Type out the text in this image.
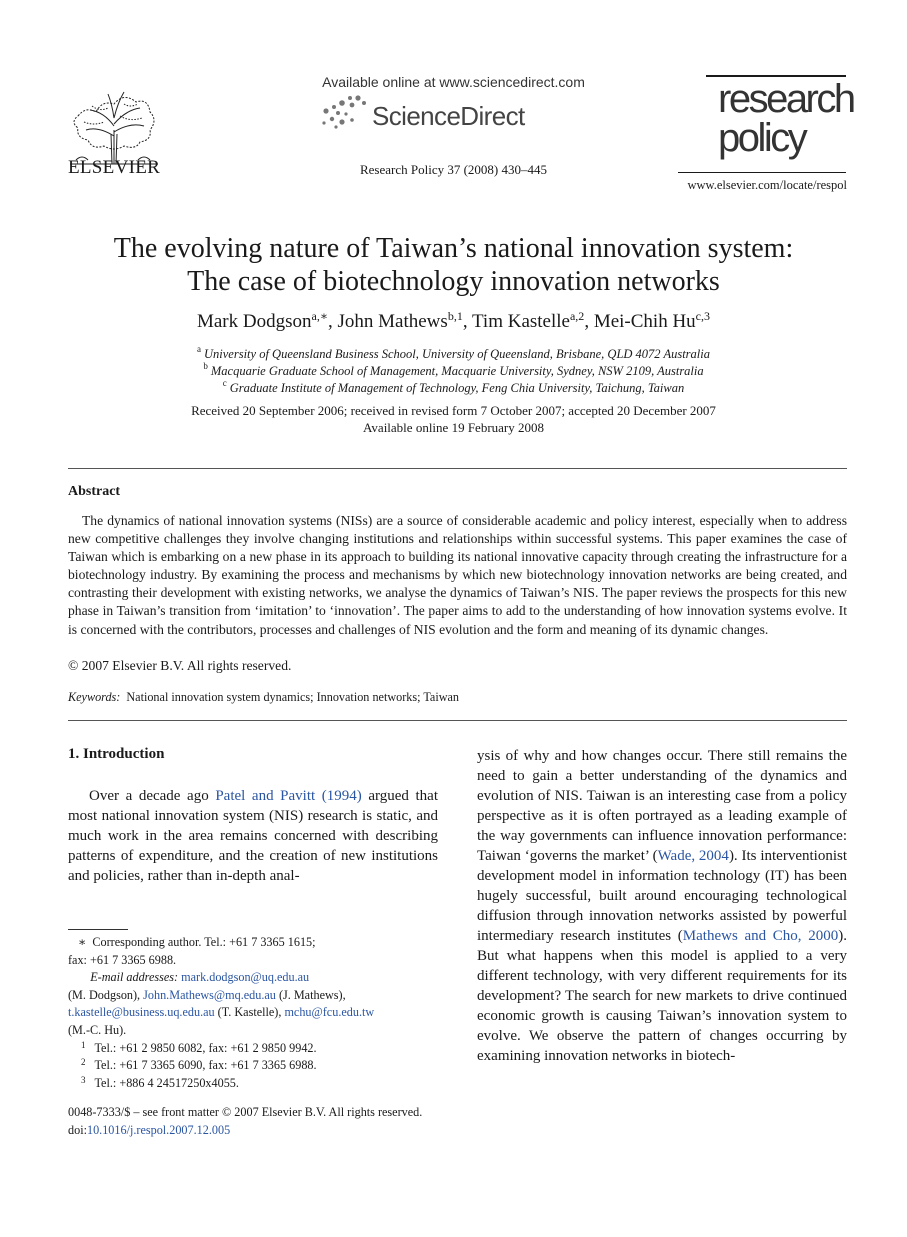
ELSEVIER
Available online at www.sciencedirect.com
ScienceDirect
Research Policy 37 (2008) 430–445
research
policy
www.elsevier.com/locate/respol
The evolving nature of Taiwan’s national innovation system:
The case of biotechnology innovation networks
Mark Dodgson$^{a,∗}$, John Mathews$^{b,1}$, Tim Kastelle$^{a,2}$, Mei-Chih Hu$^{c,3}$
$^a$ University of Queensland Business School, University of Queensland, Brisbane, QLD 4072 Australia
$^b$ Macquarie Graduate School of Management, Macquarie University, Sydney, NSW 2109, Australia
$^c$ Graduate Institute of Management of Technology, Feng Chia University, Taichung, Taiwan
Received 20 September 2006; received in revised form 7 October 2007; accepted 20 December 2007
Available online 19 February 2008
Abstract

The dynamics of national innovation systems (NISs) are a source of considerable academic and policy interest, especially when to address new competitive challenges they involve changing institutions and relationships within successful systems. This paper examines the case of Taiwan which is embarking on a new phase in its approach to building its national innovative capacity through creating the infrastructure for a biotechnology industry. By examining the process and mechanisms by which new biotechnology innovation networks are being created, and contrasting their development with existing networks, we analyse the dynamics of Taiwan’s NIS. The paper reviews the prospects for this new phase in Taiwan’s transition from ‘imitation’ to ‘innovation’. The paper aims to add to the understanding of how innovation systems evolve. It is concerned with the contributors, processes and challenges of NIS evolution and the form and meaning of its dynamic changes.

© 2007 Elsevier B.V. All rights reserved.
Keywords: National innovation system dynamics; Innovation networks; Taiwan
1. Introduction

Over a decade ago Patel and Pavitt (1994) argued that most national innovation system (NIS) research is static, and much work in the area remains concerned with describing patterns of expenditure, and the creation of new institutions and policies, rather than in-depth anal-

ysis of why and how changes occur. There still remains the need to gain a better understanding of the dynamics and evolution of NIS. Taiwan is an interesting case from a policy perspective as it is often portrayed as a leading example of the way governments can influence innovation performance: Taiwan ‘governs the market’ (Wade, 2004). Its interventionist development model in information technology (IT) has been hugely successful, built around encouraging technological diffusion through innovation networks assisted by powerful intermediary research institutes (Mathews and Cho, 2000). But what happens when this model is applied to a very different technology, with very different requirements for its development? The search for new markets to drive continued economic growth is causing Taiwan’s innovation system to evolve. We observe the pattern of changes occurring by examining innovation networks in biotech-

∗ Corresponding author. Tel.: +61 7 3365 1615;
fax: +61 7 3365 6988.
E-mail addresses: mark.dodgson@uq.edu.au
(M. Dodgson), John.Mathews@mq.edu.au (J. Mathews),
t.kastelle@business.uq.edu.au (T. Kastelle), mchu@fcu.edu.tw
(M.-C. Hu).
$^1$ Tel.: +61 2 9850 6082, fax: +61 2 9850 9942.
$^2$ Tel.: +61 7 3365 6090, fax: +61 7 3365 6988.
$^3$ Tel.: +886 4 24517250x4055.
0048-7333/$ – see front matter © 2007 Elsevier B.V. All rights reserved.
doi:10.1016/j.respol.2007.12.005
